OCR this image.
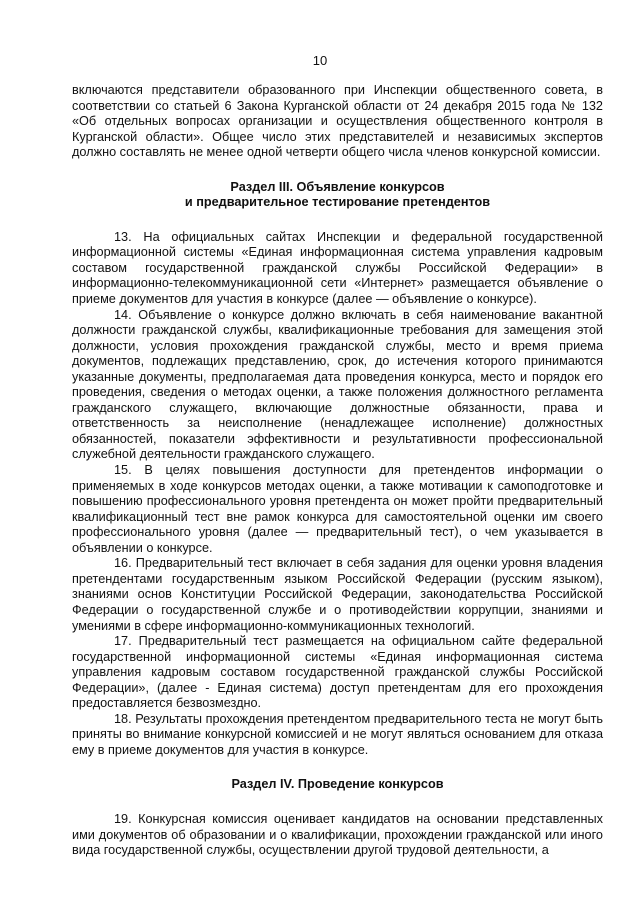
10

включаются представители образованного при Инспекции общественного совета, в соответствии со статьей 6 Закона Курганской области от 24 декабря 2015 года № 132 «Об отдельных вопросах организации и осуществления общественного контроля в Курганской области». Общее число этих представителей и независимых экспертов должно составлять не менее одной четверти общего числа членов конкурсной комиссии.

Раздел III. Объявление конкурсов

и предварительное тестирование претендентов

13. На официальных сайтах Инспекции и федеральной государственной информационной системы «Единая информационная система управления кадровым составом государственной гражданской службы Российской Федерации» в информационно-телекоммуникационной сети «Интернет» размещается объявление о приеме документов для участия в конкурсе (далее — объявление о конкурсе).

14. Объявление о конкурсе должно включать в себя наименование вакантной должности гражданской службы, квалификационные требования для замещения этой должности, условия прохождения гражданской службы, место и время приема документов, подлежащих представлению, срок, до истечения которого принимаются указанные документы, предполагаемая дата проведения конкурса, место и порядок его проведения, сведения о методах оценки, а также положения должностного регламента гражданского служащего, включающие должностные обязанности, права и ответственность за неисполнение (ненадлежащее исполнение) должностных обязанностей, показатели эффективности и результативности профессиональной служебной деятельности гражданского служащего.

15. В целях повышения доступности для претендентов информации о применяемых в ходе конкурсов методах оценки, а также мотивации к самоподготовке и повышению профессионального уровня претендента он может пройти предварительный квалификационный тест вне рамок конкурса для самостоятельной оценки им своего профессионального уровня (далее — предварительный тест), о чем указывается в объявлении о конкурсе.

16. Предварительный тест включает в себя задания для оценки уровня владения претендентами государственным языком Российской Федерации (русским языком), знаниями основ Конституции Российской Федерации, законодательства Российской Федерации о государственной службе и о противодействии коррупции, знаниями и умениями в сфере информационно-коммуникационных технологий.

17. Предварительный тест размещается на официальном сайте федеральной государственной информационной системы «Единая информационная система управления кадровым составом государственной гражданской службы Российской Федерации», (далее - Единая система) доступ претендентам для его прохождения предоставляется безвозмездно.

18. Результаты прохождения претендентом предварительного теста не могут быть приняты во внимание конкурсной комиссией и не могут являться основанием для отказа ему в приеме документов для участия в конкурсе.

Раздел IV. Проведение конкурсов

19. Конкурсная комиссия оценивает кандидатов на основании представленных ими документов об образовании и о квалификации, прохождении гражданской или иного вида государственной службы, осуществлении другой трудовой деятельности, а
